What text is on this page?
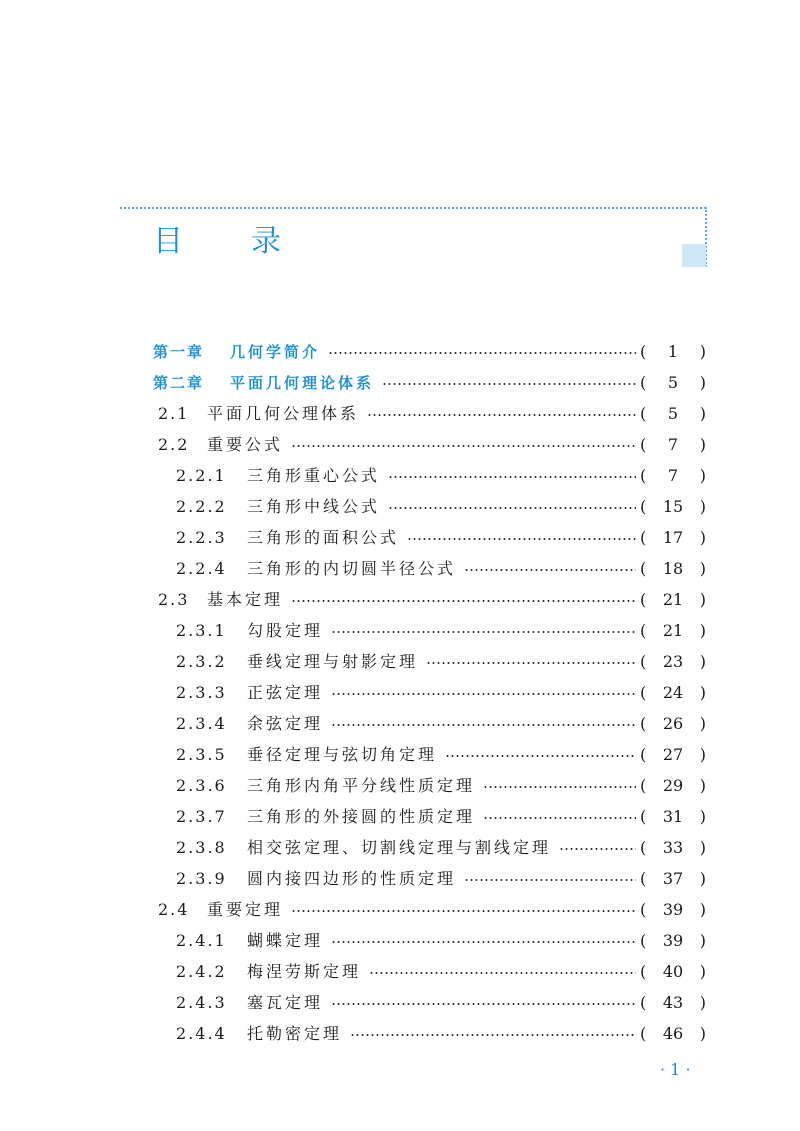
目 录
第一章 几何学简介	(	1	)
第二章 平面几何理论体系	(	5	)
2.1 平面几何公理体系	(	5	)
2.2 重要公式	(	7	)
2.2.1 三角形重心公式	(	7	)
2.2.2 三角形中线公式	(	15	)
2.2.3 三角形的面积公式	(	17	)
2.2.4 三角形的内切圆半径公式	(	18	)
2.3 基本定理	(	21	)
2.3.1 勾股定理	(	21	)
2.3.2 垂线定理与射影定理	(	23	)
2.3.3 正弦定理	(	24	)
2.3.4 余弦定理	(	26	)
2.3.5 垂径定理与弦切角定理	(	27	)
2.3.6 三角形内角平分线性质定理	(	29	)
2.3.7 三角形的外接圆的性质定理	(	31	)
2.3.8 相交弦定理、切割线定理与割线定理	(	33	)
2.3.9 圆内接四边形的性质定理	(	37	)
2.4 重要定理	(	39	)
2.4.1 蝴蝶定理	(	39	)
2.4.2 梅涅劳斯定理	(	40	)
2.4.3 塞瓦定理	(	43	)
2.4.4 托勒密定理	(	46	)
· 1 ·
